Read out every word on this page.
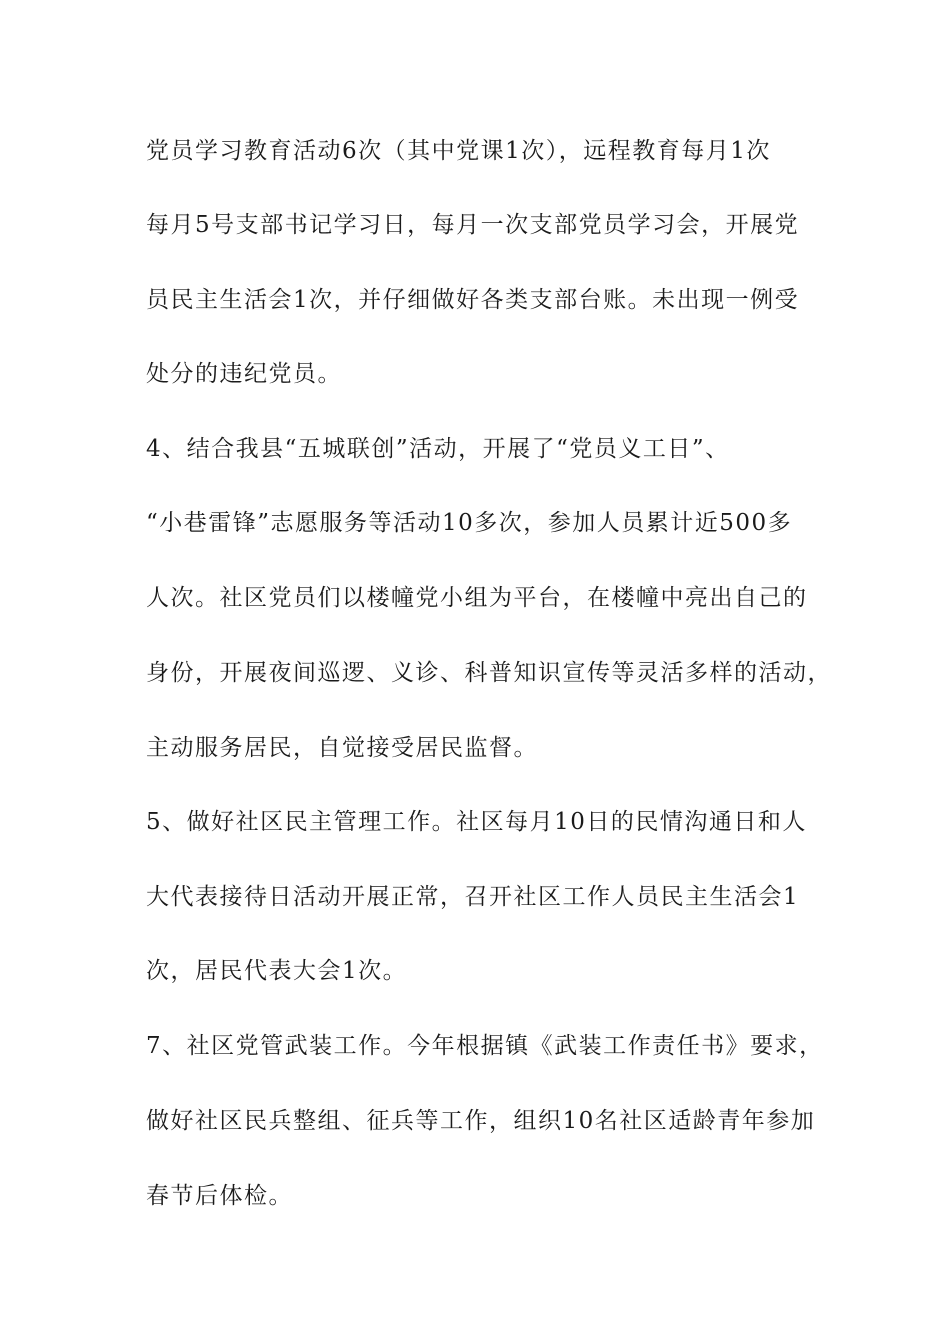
党员学习教育活动6次（其中党课1次），远程教育每月1次
每月5号支部书记学习日，每月一次支部党员学习会，开展党
员民主生活会1次，并仔细做好各类支部台账。未出现一例受
处分的违纪党员。
4、结合我县“五城联创”活动，开展了“党员义工日”、
“小巷雷锋”志愿服务等活动10多次，参加人员累计近500多
人次。社区党员们以楼幢党小组为平台，在楼幢中亮出自己的
身份，开展夜间巡逻、义诊、科普知识宣传等灵活多样的活动，
主动服务居民，自觉接受居民监督。
5、做好社区民主管理工作。社区每月10日的民情沟通日和人
大代表接待日活动开展正常，召开社区工作人员民主生活会1
次，居民代表大会1次。
7、社区党管武装工作。今年根据镇《武装工作责任书》要求，
做好社区民兵整组、征兵等工作，组织10名社区适龄青年参加
春节后体检。
